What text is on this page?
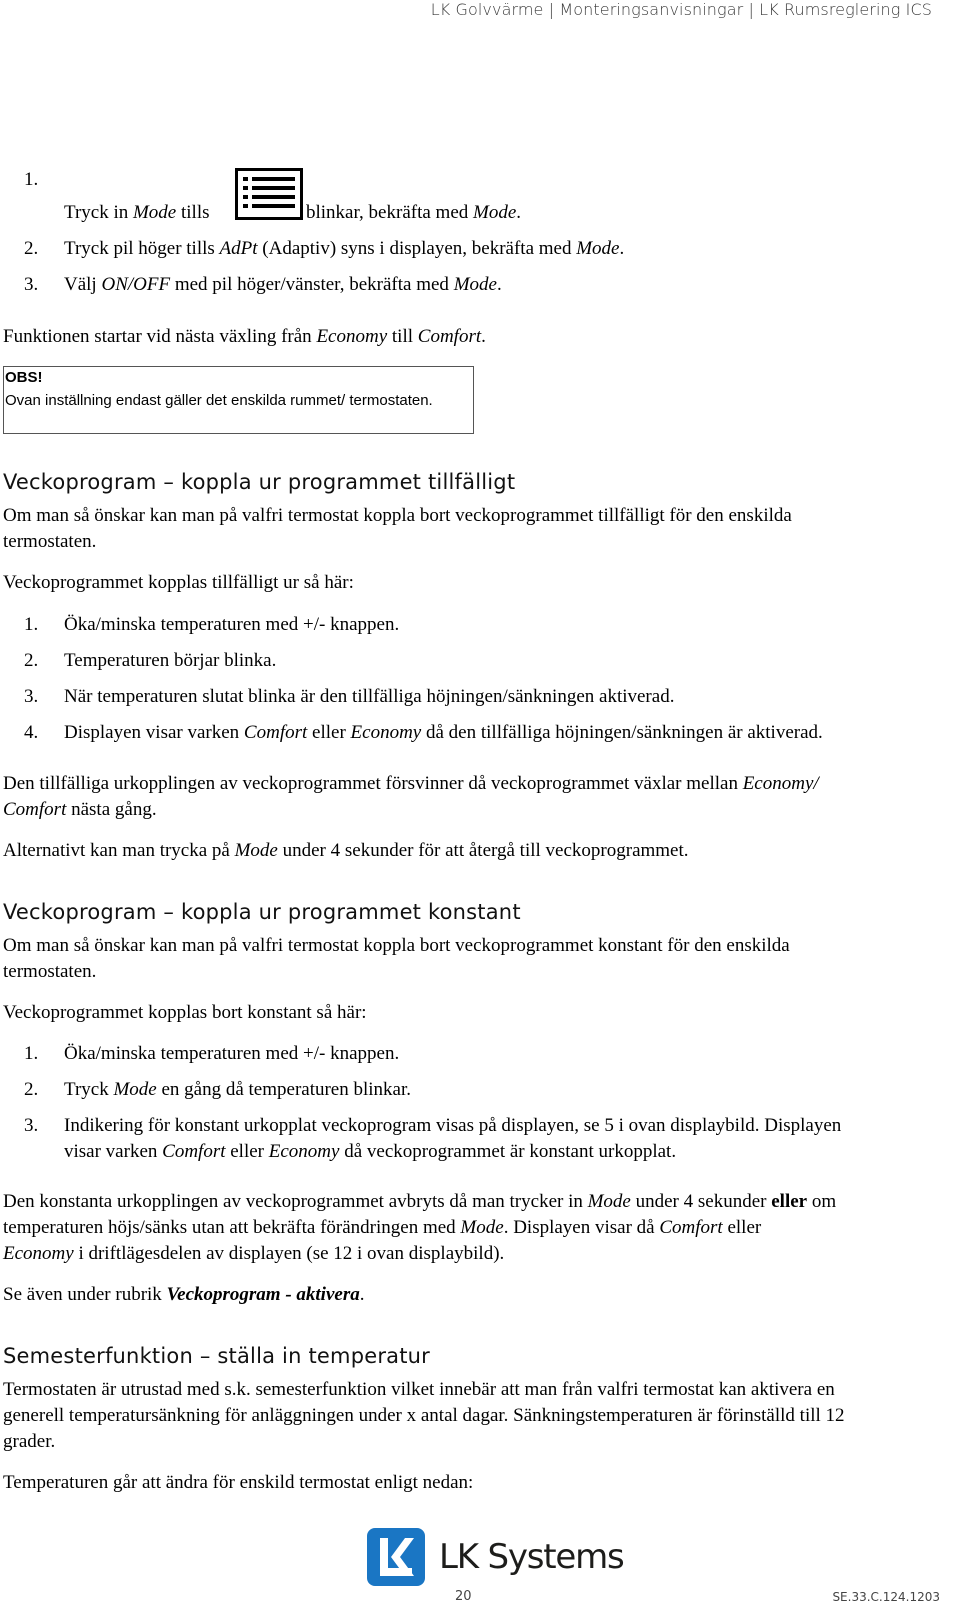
LK Golvvärme | Monteringsanvisningar | LK Rumsreglering ICS
1.
Tryck in Mode tills	blinkar, bekräfta med Mode.
2. Tryck pil höger tills AdPt (Adaptiv) syns i displayen, bekräfta med Mode.
3. Välj ON/OFF med pil höger/vänster, bekräfta med Mode.
Funktionen startar vid nästa växling från Economy till Comfort.
OBS!
Ovan inställning endast gäller det enskilda rummet/ termostaten.
Veckoprogram – koppla ur programmet tillfälligt
Om man så önskar kan man på valfri termostat koppla bort veckoprogrammet tillfälligt för den enskilda
termostaten.
Veckoprogrammet kopplas tillfälligt ur så här:
1. Öka/minska temperaturen med +/- knappen.
2. Temperaturen börjar blinka.
3. När temperaturen slutat blinka är den tillfälliga höjningen/sänkningen aktiverad.
4. Displayen visar varken Comfort eller Economy då den tillfälliga höjningen/sänkningen är aktiverad.
Den tillfälliga urkopplingen av veckoprogrammet försvinner då veckoprogrammet växlar mellan Economy/
Comfort nästa gång.
Alternativt kan man trycka på Mode under 4 sekunder för att återgå till veckoprogrammet.
Veckoprogram – koppla ur programmet konstant
Om man så önskar kan man på valfri termostat koppla bort veckoprogrammet konstant för den enskilda
termostaten.
Veckoprogrammet kopplas bort konstant så här:
1. Öka/minska temperaturen med +/- knappen.
2. Tryck Mode en gång då temperaturen blinkar.
3. Indikering för konstant urkopplat veckoprogram visas på displayen, se 5 i ovan displaybild. Displayen
visar varken Comfort eller Economy då veckoprogrammet är konstant urkopplat.
Den konstanta urkopplingen av veckoprogrammet avbryts då man trycker in Mode under 4 sekunder eller om
temperaturen höjs/sänks utan att bekräfta förändringen med Mode. Displayen visar då Comfort eller
Economy i driftlägesdelen av displayen (se 12 i ovan displaybild).
Se även under rubrik Veckoprogram - aktivera.
Semesterfunktion – ställa in temperatur
Termostaten är utrustad med s.k. semesterfunktion vilket innebär att man från valfri termostat kan aktivera en
generell temperatursänkning för anläggningen under x antal dagar. Sänkningstemperaturen är förinställd till 12
grader.
Temperaturen går att ändra för enskild termostat enligt nedan:
LK Systems
20	SE.33.C.124.1203
